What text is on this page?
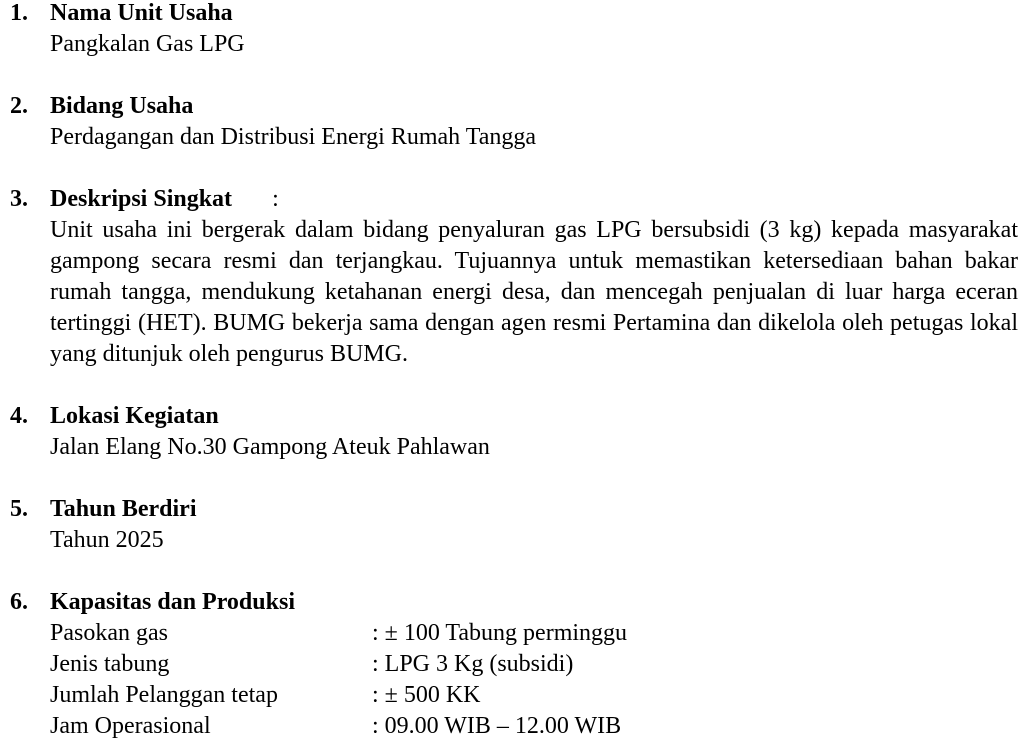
1. Nama Unit Usaha
Pangkalan Gas LPG
2. Bidang Usaha
Perdagangan dan Distribusi Energi Rumah Tangga
3. Deskripsi Singkat :
Unit usaha ini bergerak dalam bidang penyaluran gas LPG bersubsidi (3 kg) kepada masyarakat gampong secara resmi dan terjangkau. Tujuannya untuk memastikan ketersediaan bahan bakar rumah tangga, mendukung ketahanan energi desa, dan mencegah penjualan di luar harga eceran tertinggi (HET). BUMG bekerja sama dengan agen resmi Pertamina dan dikelola oleh petugas lokal yang ditunjuk oleh pengurus BUMG.
4. Lokasi Kegiatan
Jalan Elang No.30 Gampong Ateuk Pahlawan
5. Tahun Berdiri
Tahun 2025
6. Kapasitas dan Produksi
Pasokan gas	: ± 100 Tabung perminggu
Jenis tabung	: LPG 3 Kg (subsidi)
Jumlah Pelanggan tetap	: ± 500 KK
Jam Operasional	: 09.00 WIB – 12.00 WIB
